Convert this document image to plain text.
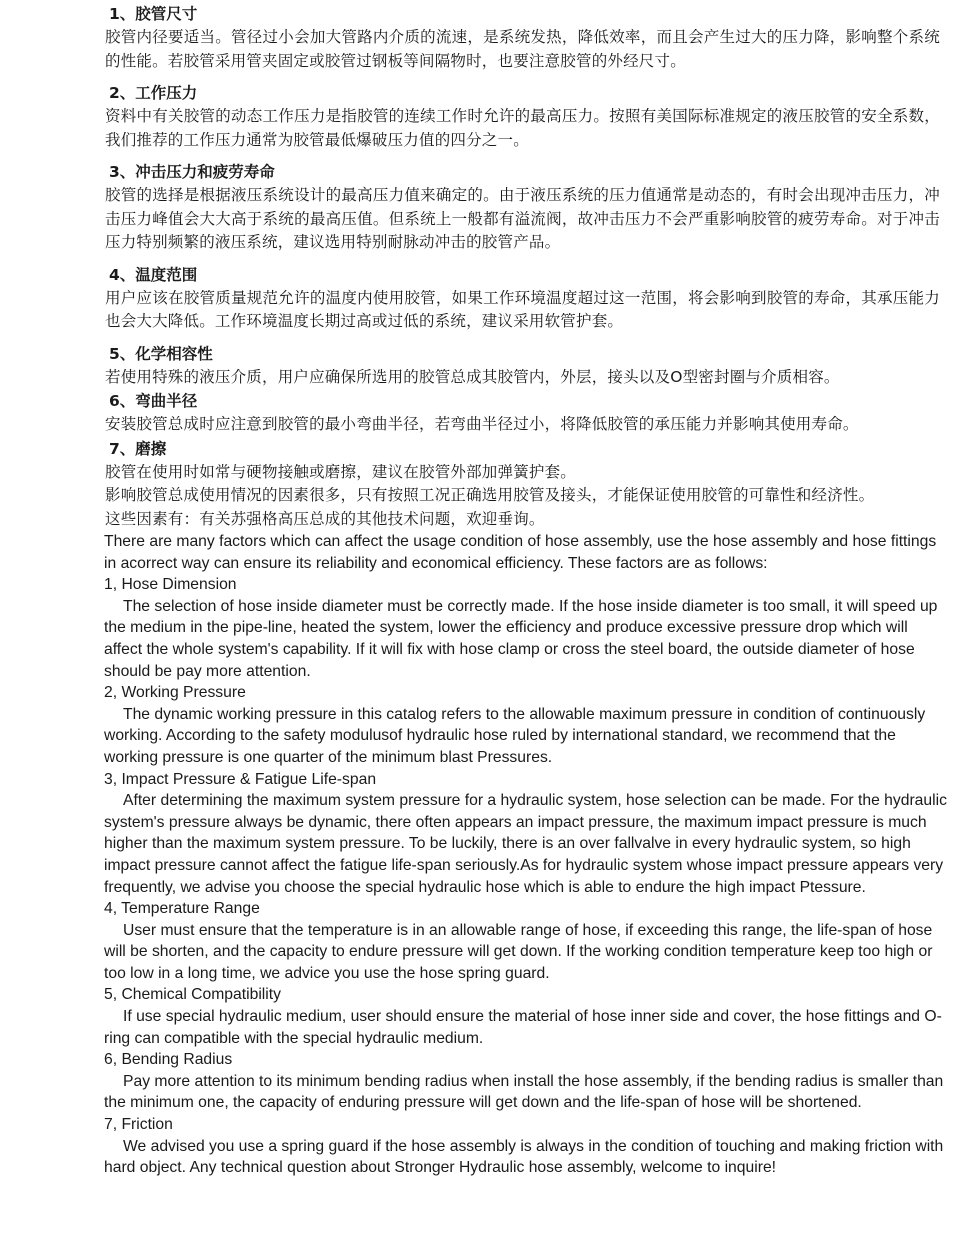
1、胶管尺寸
胶管内径要适当。管径过小会加大管路内介质的流速，是系统发热，降低效率，而且会产生过大的压力降，影响整个系统的性能。若胶管采用管夹固定或胶管过钢板等间隔物时，也要注意胶管的外经尺寸。
2、工作压力
资料中有关胶管的动态工作压力是指胶管的连续工作时允许的最高压力。按照有美国际标准规定的液压胶管的安全系数，我们推荐的工作压力通常为胶管最低爆破压力值的四分之一。
3、冲击压力和疲劳寿命
胶管的选择是根据液压系统设计的最高压力值来确定的。由于液压系统的压力值通常是动态的，有时会出现冲击压力，冲击压力峰值会大大高于系统的最高压值。但系统上一般都有溢流阀，故冲击压力不会严重影响胶管的疲劳寿命。对于冲击压力特别频繁的液压系统，建议选用特别耐脉动冲击的胶管产品。
4、温度范围
用户应该在胶管质量规范允许的温度内使用胶管，如果工作环境温度超过这一范围，将会影响到胶管的寿命，其承压能力也会大大降低。工作环境温度长期过高或过低的系统，建议采用软管护套。
5、化学相容性
若使用特殊的液压介质，用户应确保所选用的胶管总成其胶管内，外层，接头以及O型密封圈与介质相容。
6、弯曲半径
安装胶管总成时应注意到胶管的最小弯曲半径，若弯曲半径过小，将降低胶管的承压能力并影响其使用寿命。
7、磨擦
胶管在使用时如常与硬物接触或磨擦，建议在胶管外部加弹簧护套。
影响胶管总成使用情况的因素很多，只有按照工况正确选用胶管及接头，才能保证使用胶管的可靠性和经济性。
这些因素有：有关苏强格高压总成的其他技术问题，欢迎垂询。

There are many factors which can affect the usage condition of hose assembly, use the hose assembly and hose fittings in acorrect way can ensure its reliability and economical efficiency. These factors are as follows:

1, Hose Dimension

The selection of hose inside diameter must be correctly made. If the hose inside diameter is too small, it will speed up the medium in the pipe-line, heated the system, lower the efficiency and produce excessive pressure drop which will affect the whole system's capability. If it will fix with hose clamp or cross the steel board, the outside diameter of hose should be pay more attention.

2, Working Pressure

The dynamic working pressure in this catalog refers to the allowable maximum pressure in condition of continuously working. According to the safety modulusof hydraulic hose ruled by international standard, we recommend that the working pressure is one quarter of the minimum blast Pressures.

3, Impact Pressure & Fatigue Life-span

After determining the maximum system pressure for a hydraulic system, hose selection can be made. For the hydraulic system's pressure always be dynamic, there often appears an impact pressure, the maximum impact pressure is much higher than the maximum system pressure. To be luckily, there is an over fallvalve in every hydraulic system, so high impact pressure cannot affect the fatigue life-span seriously.As for hydraulic system whose impact pressure appears very frequently, we advise you choose the special hydraulic hose which is able to endure the high impact Ptessure.

4, Temperature Range

User must ensure that the temperature is in an allowable range of hose, if exceeding this range, the life-span of hose will be shorten, and the capacity to endure pressure will get down. If the working condition temperature keep too high or too low in a long time, we advice you use the hose spring guard.

5, Chemical Compatibility

If use special hydraulic medium, user should ensure the material of hose inner side and cover, the hose fittings and O-ring can compatible with the special hydraulic medium.

6, Bending Radius

Pay more attention to its minimum bending radius when install the hose assembly, if the bending radius is smaller than the minimum one, the capacity of enduring pressure will get down and the life-span of hose will be shortened.

7, Friction

We advised you use a spring guard if the hose assembly is always in the condition of touching and making friction with hard object. Any technical question about Stronger Hydraulic hose assembly, welcome to inquire!
